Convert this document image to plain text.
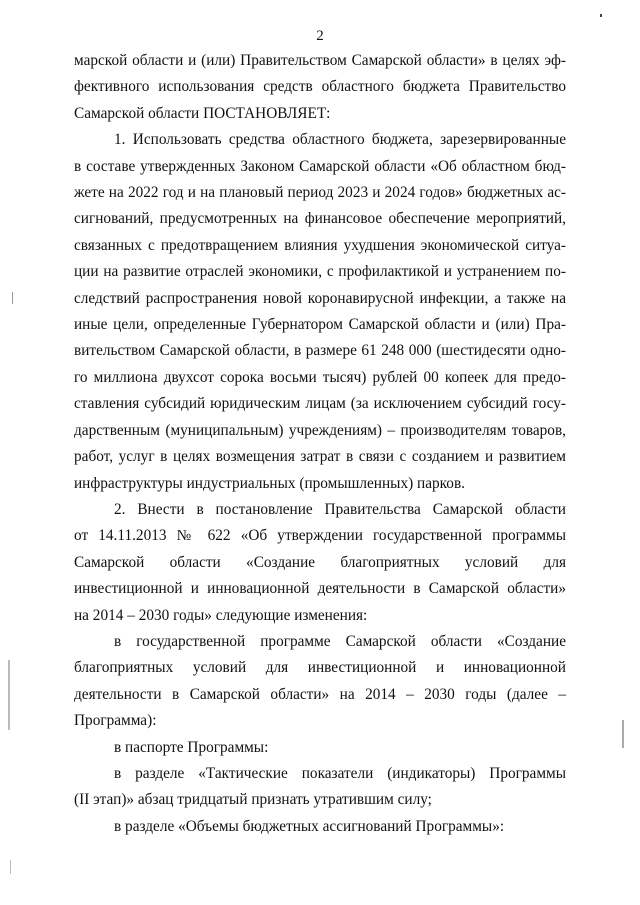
2

марской области и (или) Правительством Самарской области» в целях эф-
фективного использования средств областного бюджета Правительство
Самарской области ПОСТАНОВЛЯЕТ:

1. Использовать средства областного бюджета, зарезервированные
в составе утвержденных Законом Самарской области «Об областном бюд-
жете на 2022 год и на плановый период 2023 и 2024 годов» бюджетных ас-
сигнований, предусмотренных на финансовое обеспечение мероприятий,
связанных с предотвращением влияния ухудшения экономической ситуа-
ции на развитие отраслей экономики, с профилактикой и устранением по-
следствий распространения новой коронавирусной инфекции, а также на
иные цели, определенные Губернатором Самарской области и (или) Пра-
вительством Самарской области, в размере 61 248 000 (шестидесяти одно-
го миллиона двухсот сорока восьми тысяч) рублей 00 копеек для предо-
ставления субсидий юридическим лицам (за исключением субсидий госу-
дарственным (муниципальным) учреждениям) – производителям товаров,
работ, услуг в целях возмещения затрат в связи с созданием и развитием
инфраструктуры индустриальных (промышленных) парков.

2. Внести в постановление Правительства Самарской области
от 14.11.2013 № 622 «Об утверждении государственной программы
Самарской области «Создание благоприятных условий для
инвестиционной и инновационной деятельности в Самарской области»
на 2014 – 2030 годы» следующие изменения:

в государственной программе Самарской области «Создание
благоприятных условий для инвестиционной и инновационной
деятельности в Самарской области» на 2014 – 2030 годы (далее –
Программа):

в паспорте Программы:

в разделе «Тактические показатели (индикаторы) Программы
(II этап)» абзац тридцатый признать утратившим силу;

в разделе «Объемы бюджетных ассигнований Программы»:
